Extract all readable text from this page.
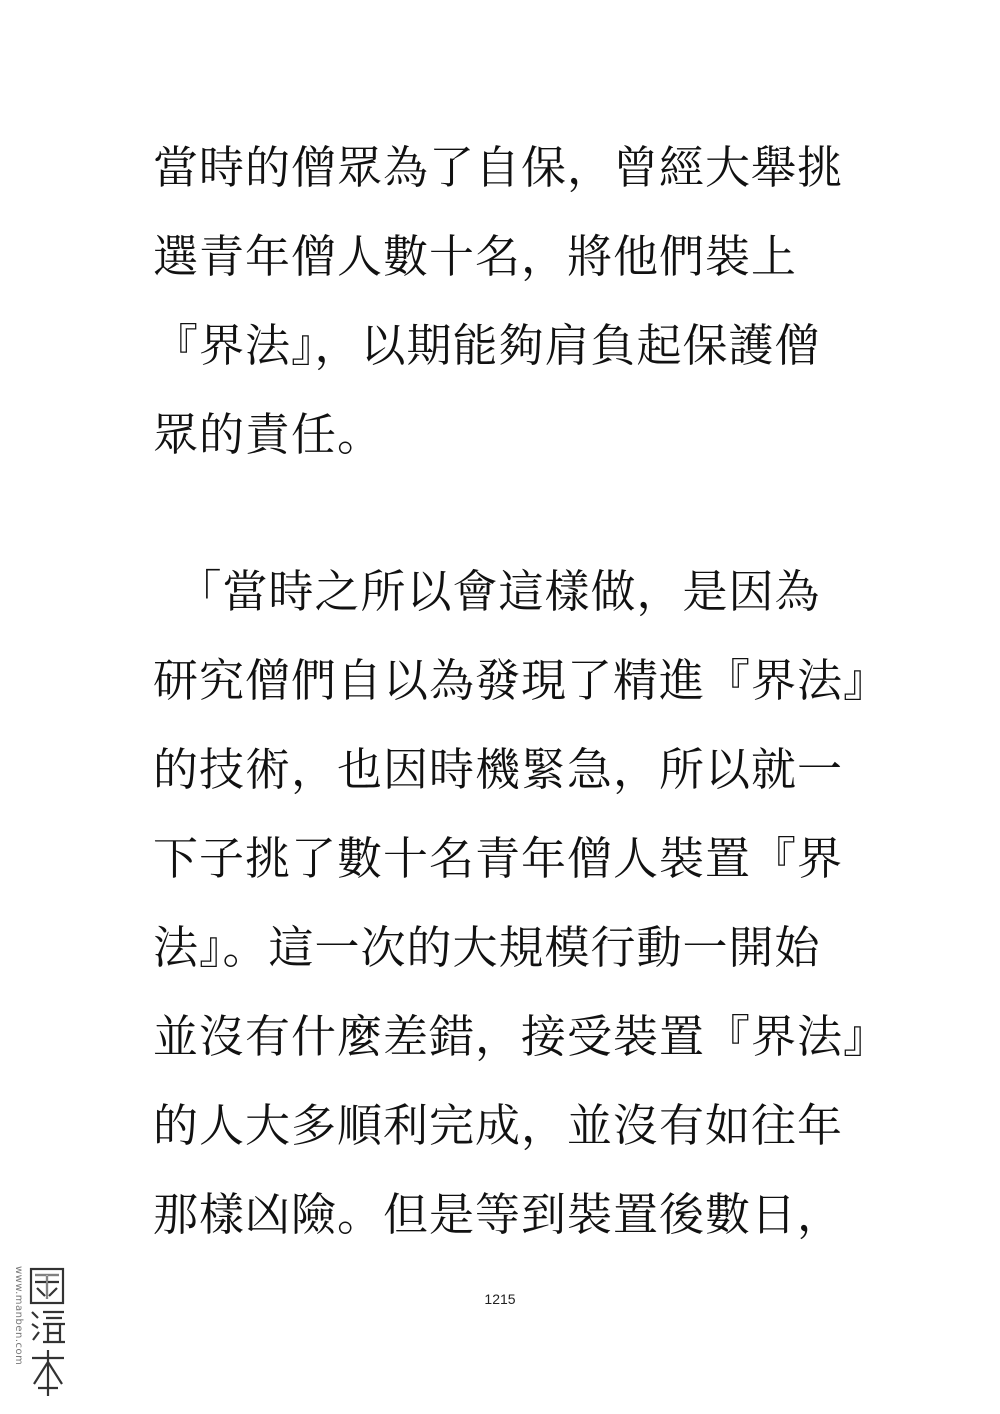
當時的僧眾為了自保，曾經大舉挑
選青年僧人數十名，將他們裝上
『界法』，以期能夠肩負起保護僧
眾的責任。
　「當時之所以會這樣做，是因為
研究僧們自以為發現了精進『界法』
的技術，也因時機緊急，所以就一
下子挑了數十名青年僧人裝置『界
法』。這一次的大規模行動一開始
並沒有什麼差錯，接受裝置『界法』
的人大多順利完成，並沒有如往年
那樣凶險。但是等到裝置後數日，
1215
www.manben.com
